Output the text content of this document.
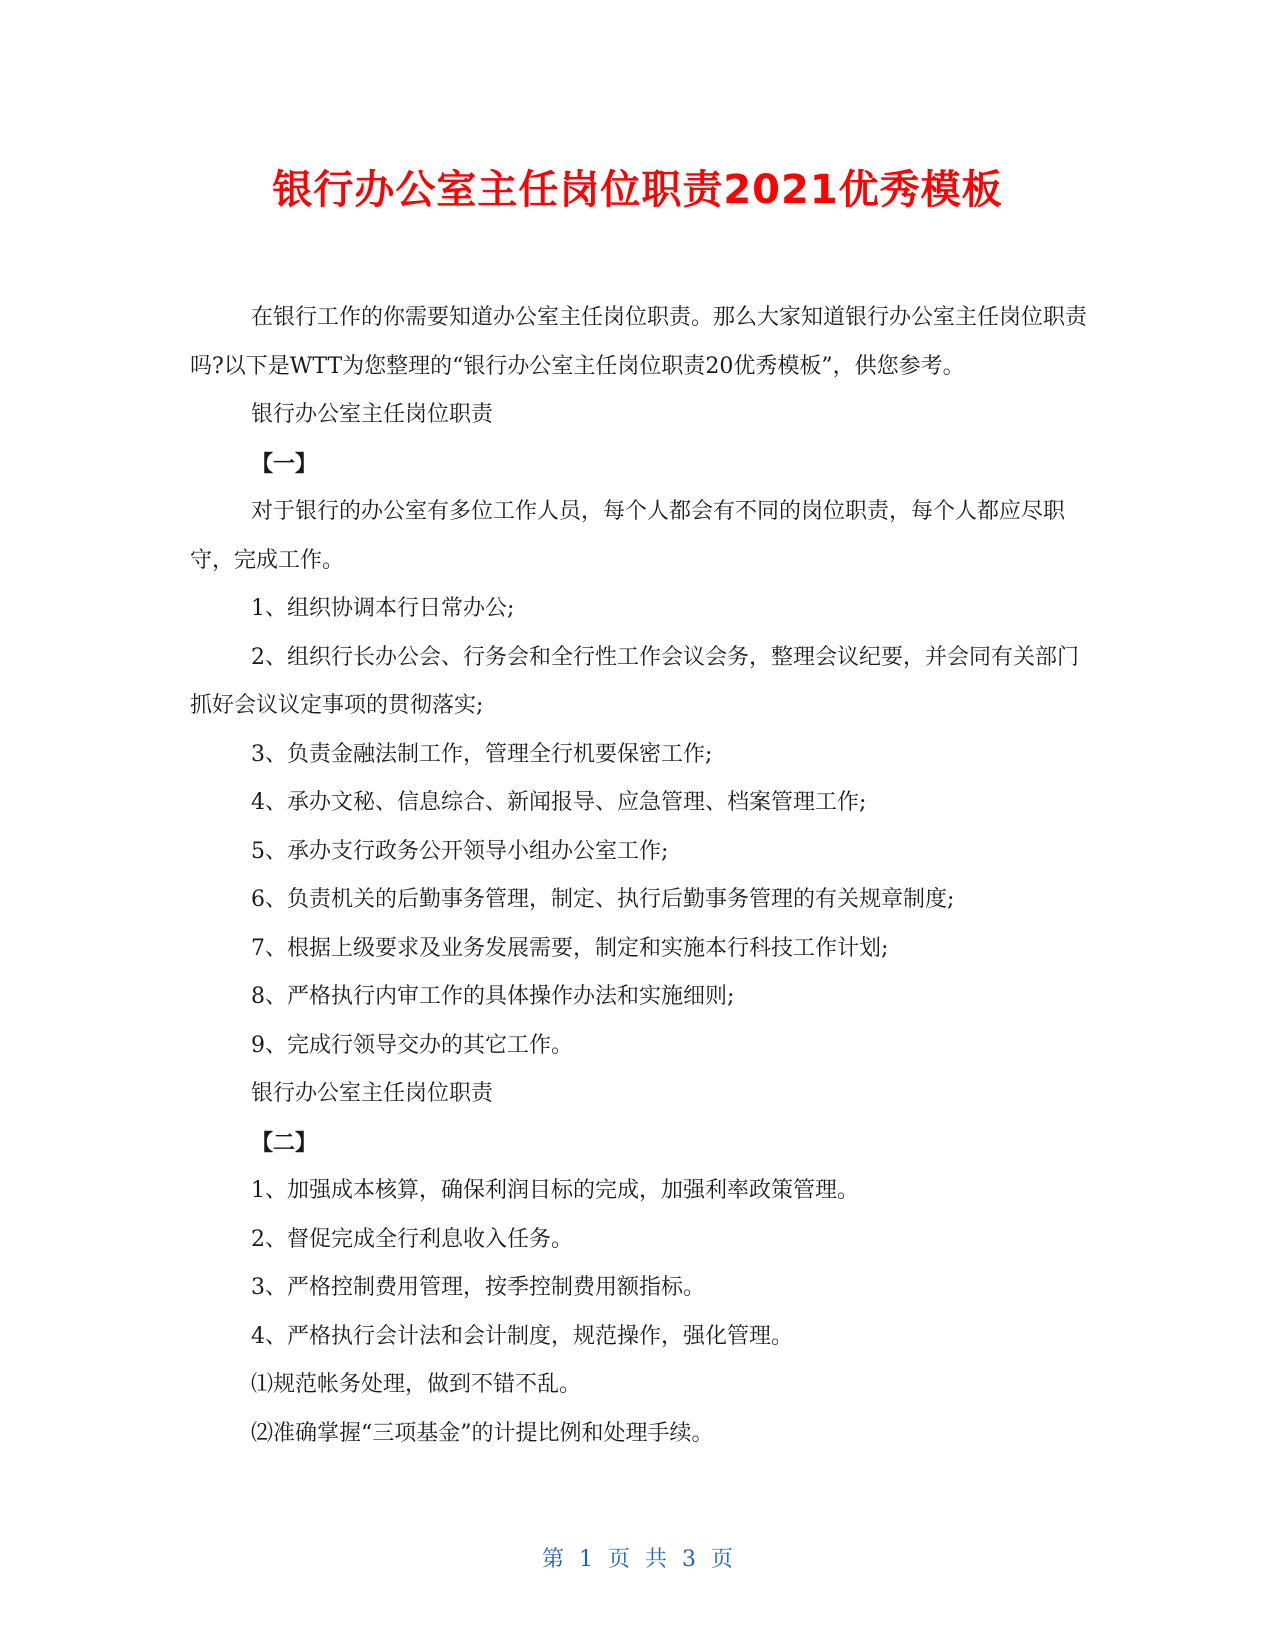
银行办公室主任岗位职责2021优秀模板

在银行工作的你需要知道办公室主任岗位职责。那么大家知道银行办公室主任岗位职责吗?以下是WTT为您整理的“银行办公室主任岗位职责20优秀模板”，供您参考。

银行办公室主任岗位职责

【一】

对于银行的办公室有多位工作人员，每个人都会有不同的岗位职责，每个人都应尽职守，完成工作。

1、组织协调本行日常办公;

2、组织行长办公会、行务会和全行性工作会议会务，整理会议纪要，并会同有关部门抓好会议议定事项的贯彻落实;

3、负责金融法制工作，管理全行机要保密工作;

4、承办文秘、信息综合、新闻报导、应急管理、档案管理工作;

5、承办支行政务公开领导小组办公室工作;

6、负责机关的后勤事务管理，制定、执行后勤事务管理的有关规章制度;

7、根据上级要求及业务发展需要，制定和实施本行科技工作计划;

8、严格执行内审工作的具体操作办法和实施细则;

9、完成行领导交办的其它工作。

银行办公室主任岗位职责

【二】

1、加强成本核算，确保利润目标的完成，加强利率政策管理。

2、督促完成全行利息收入任务。

3、严格控制费用管理，按季控制费用额指标。

4、严格执行会计法和会计制度，规范操作，强化管理。

⑴规范帐务处理，做到不错不乱。

⑵准确掌握“三项基金”的计提比例和处理手续。

第 1 页 共 3 页
